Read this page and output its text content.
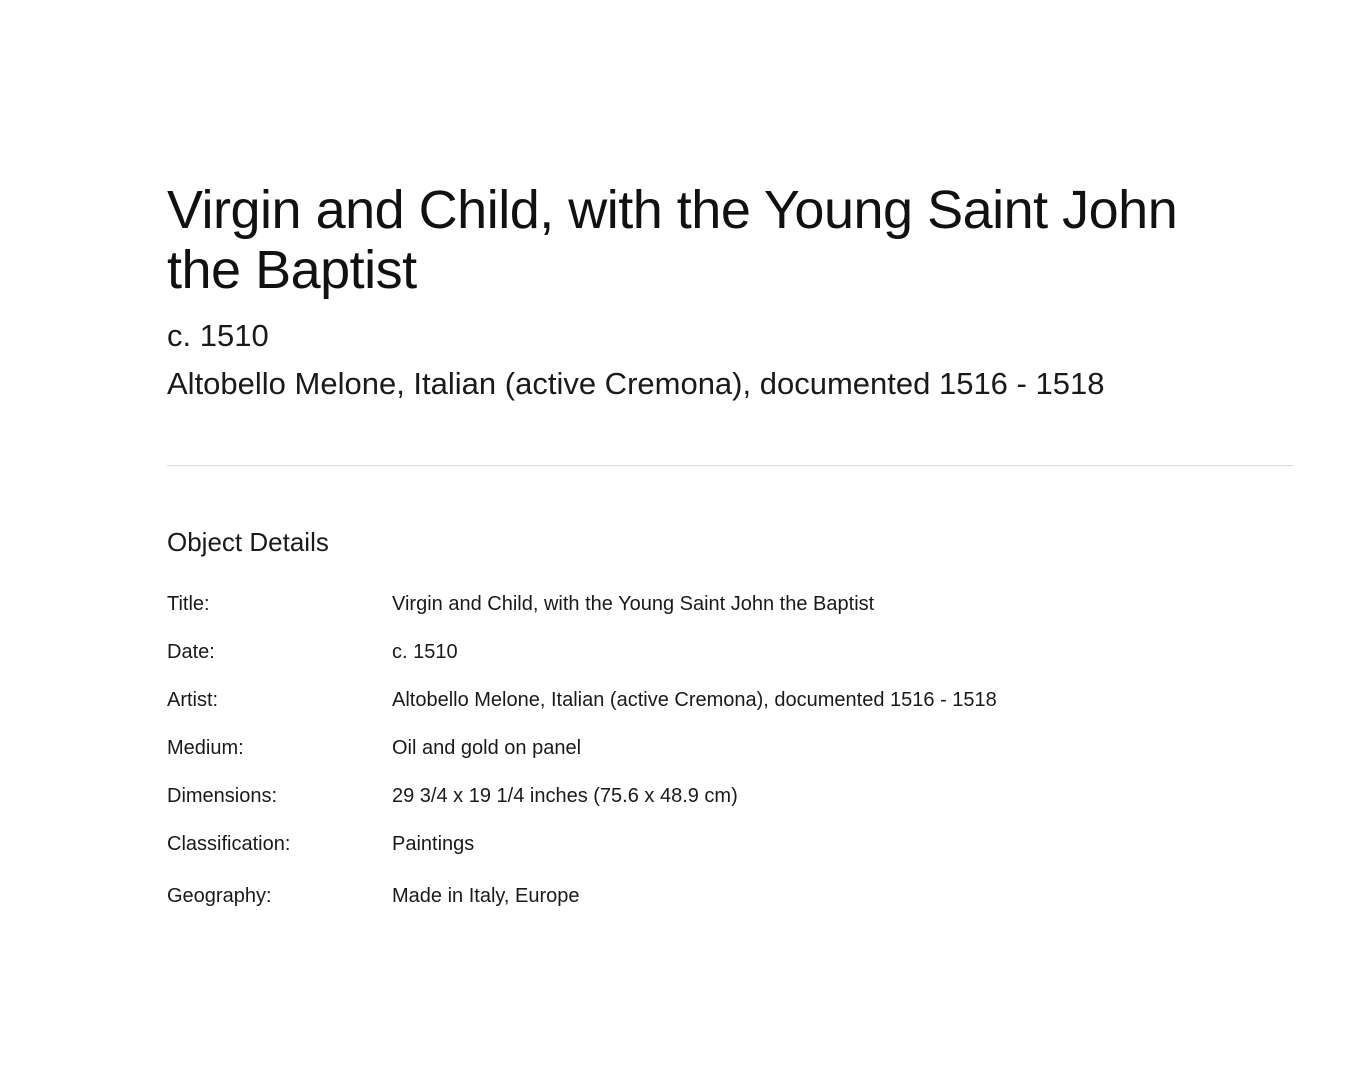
Virgin and Child, with the Young Saint John the Baptist

c. 1510

Altobello Melone, Italian (active Cremona), documented 1516 - 1518

Object Details
Title:	Virgin and Child, with the Young Saint John the Baptist
Date:	c. 1510
Artist:	Altobello Melone, Italian (active Cremona), documented 1516 - 1518
Medium:	Oil and gold on panel
Dimensions:	29 3/4 x 19 1/4 inches (75.6 x 48.9 cm)
Classification:	Paintings
Geography:	Made in Italy, Europe
